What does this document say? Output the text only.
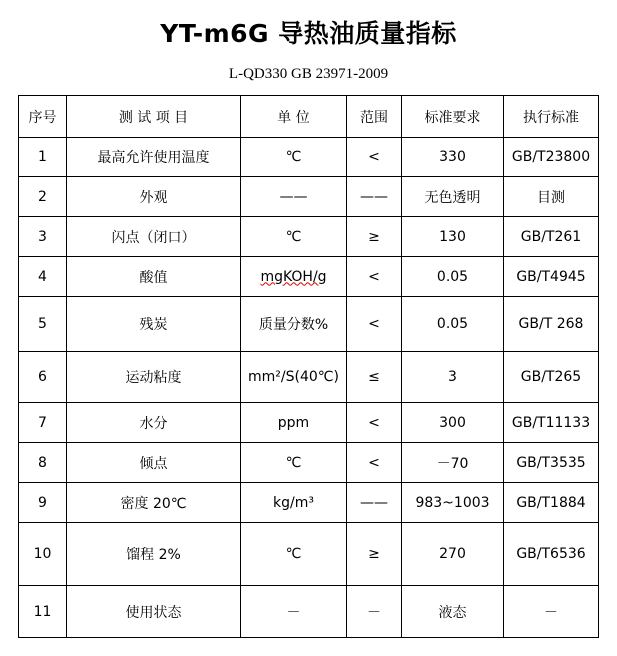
YT-m6G 导热油质量指标
L-QD330 GB 23971-2009
序号	测 试 项 目	单 位	范围	标准要求	执行标准
1	最高允许使用温度	℃	<	330	GB/T23800
2	外观	——	——	无色透明	目测
3	闪点（闭口）	℃	≥	130	GB/T261
4	酸值	mgKOH/g	<	0.05	GB/T4945
5	残炭	质量分数%	<	0.05	GB/T 268
6	运动粘度	mm²/S(40℃)	≤	3	GB/T265
7	水分	ppm	<	300	GB/T11133
8	倾点	℃	<	－70	GB/T3535
9	密度 20℃	kg/m³	——	983~1003	GB/T1884
10	馏程 2%	℃	≥	270	GB/T6536
11	使用状态	－	－	液态	－
